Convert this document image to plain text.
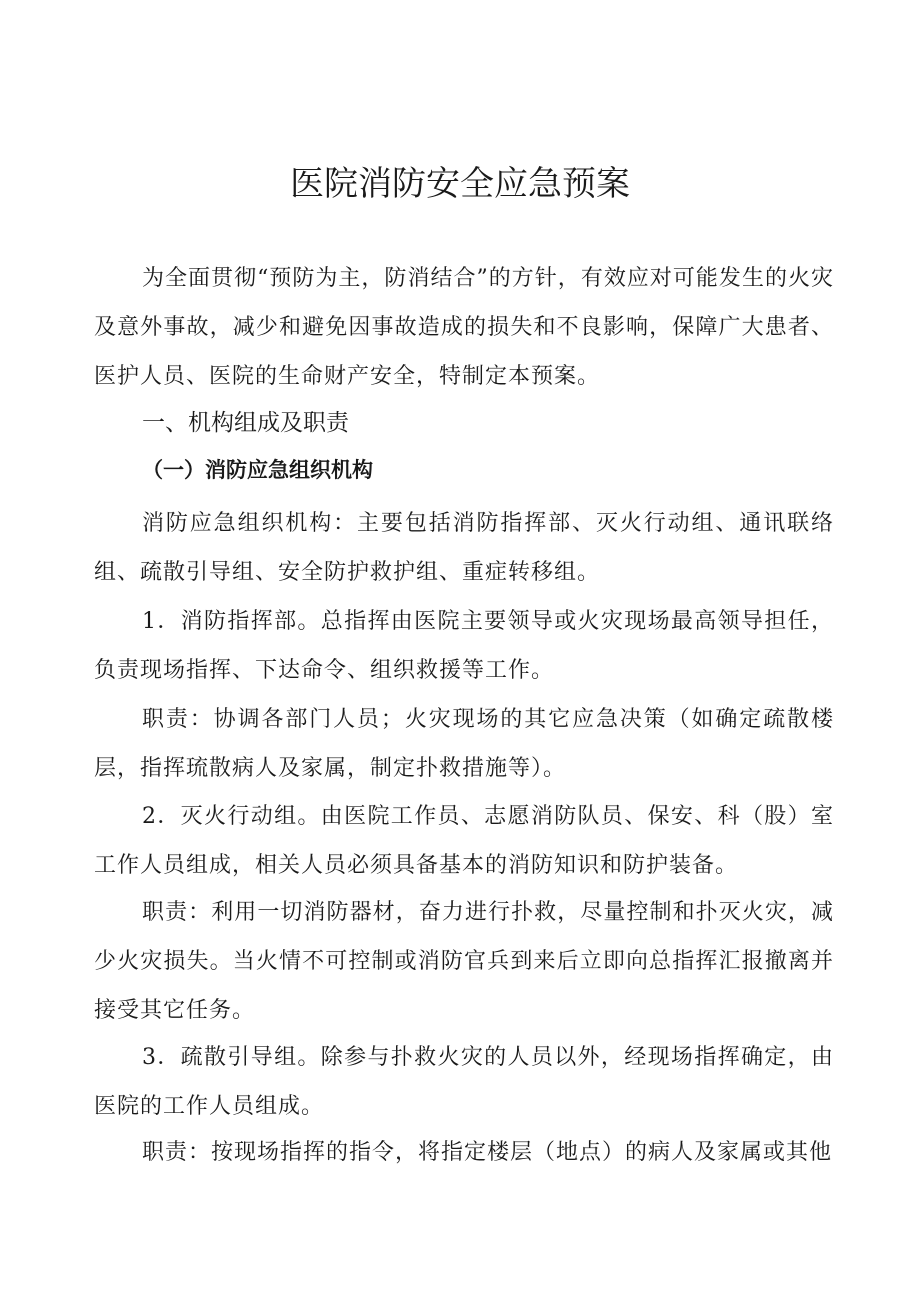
医院消防安全应急预案

为全面贯彻“预防为主，防消结合”的方针，有效应对可能发生的火灾及意外事故，减少和避免因事故造成的损失和不良影响，保障广大患者、医护人员、医院的生命财产安全，特制定本预案。

一、机构组成及职责
（一）消防应急组织机构

消防应急组织机构：主要包括消防指挥部、灭火行动组、通讯联络组、疏散引导组、安全防护救护组、重症转移组。

1．消防指挥部。总指挥由医院主要领导或火灾现场最高领导担任，负责现场指挥、下达命令、组织救援等工作。

职责：协调各部门人员；火灾现场的其它应急决策（如确定疏散楼层，指挥琉散病人及家属，制定扑救措施等）。

2．灭火行动组。由医院工作员、志愿消防队员、保安、科（股）室工作人员组成，相关人员必须具备基本的消防知识和防护装备。

职责：利用一切消防器材，奋力进行扑救，尽量控制和扑灭火灾，减少火灾损失。当火情不可控制或消防官兵到来后立即向总指挥汇报撤离并接受其它任务。

3．疏散引导组。除参与扑救火灾的人员以外，经现场指挥确定，由医院的工作人员组成。

职责：按现场指挥的指令，将指定楼层（地点）的病人及家属或其他
